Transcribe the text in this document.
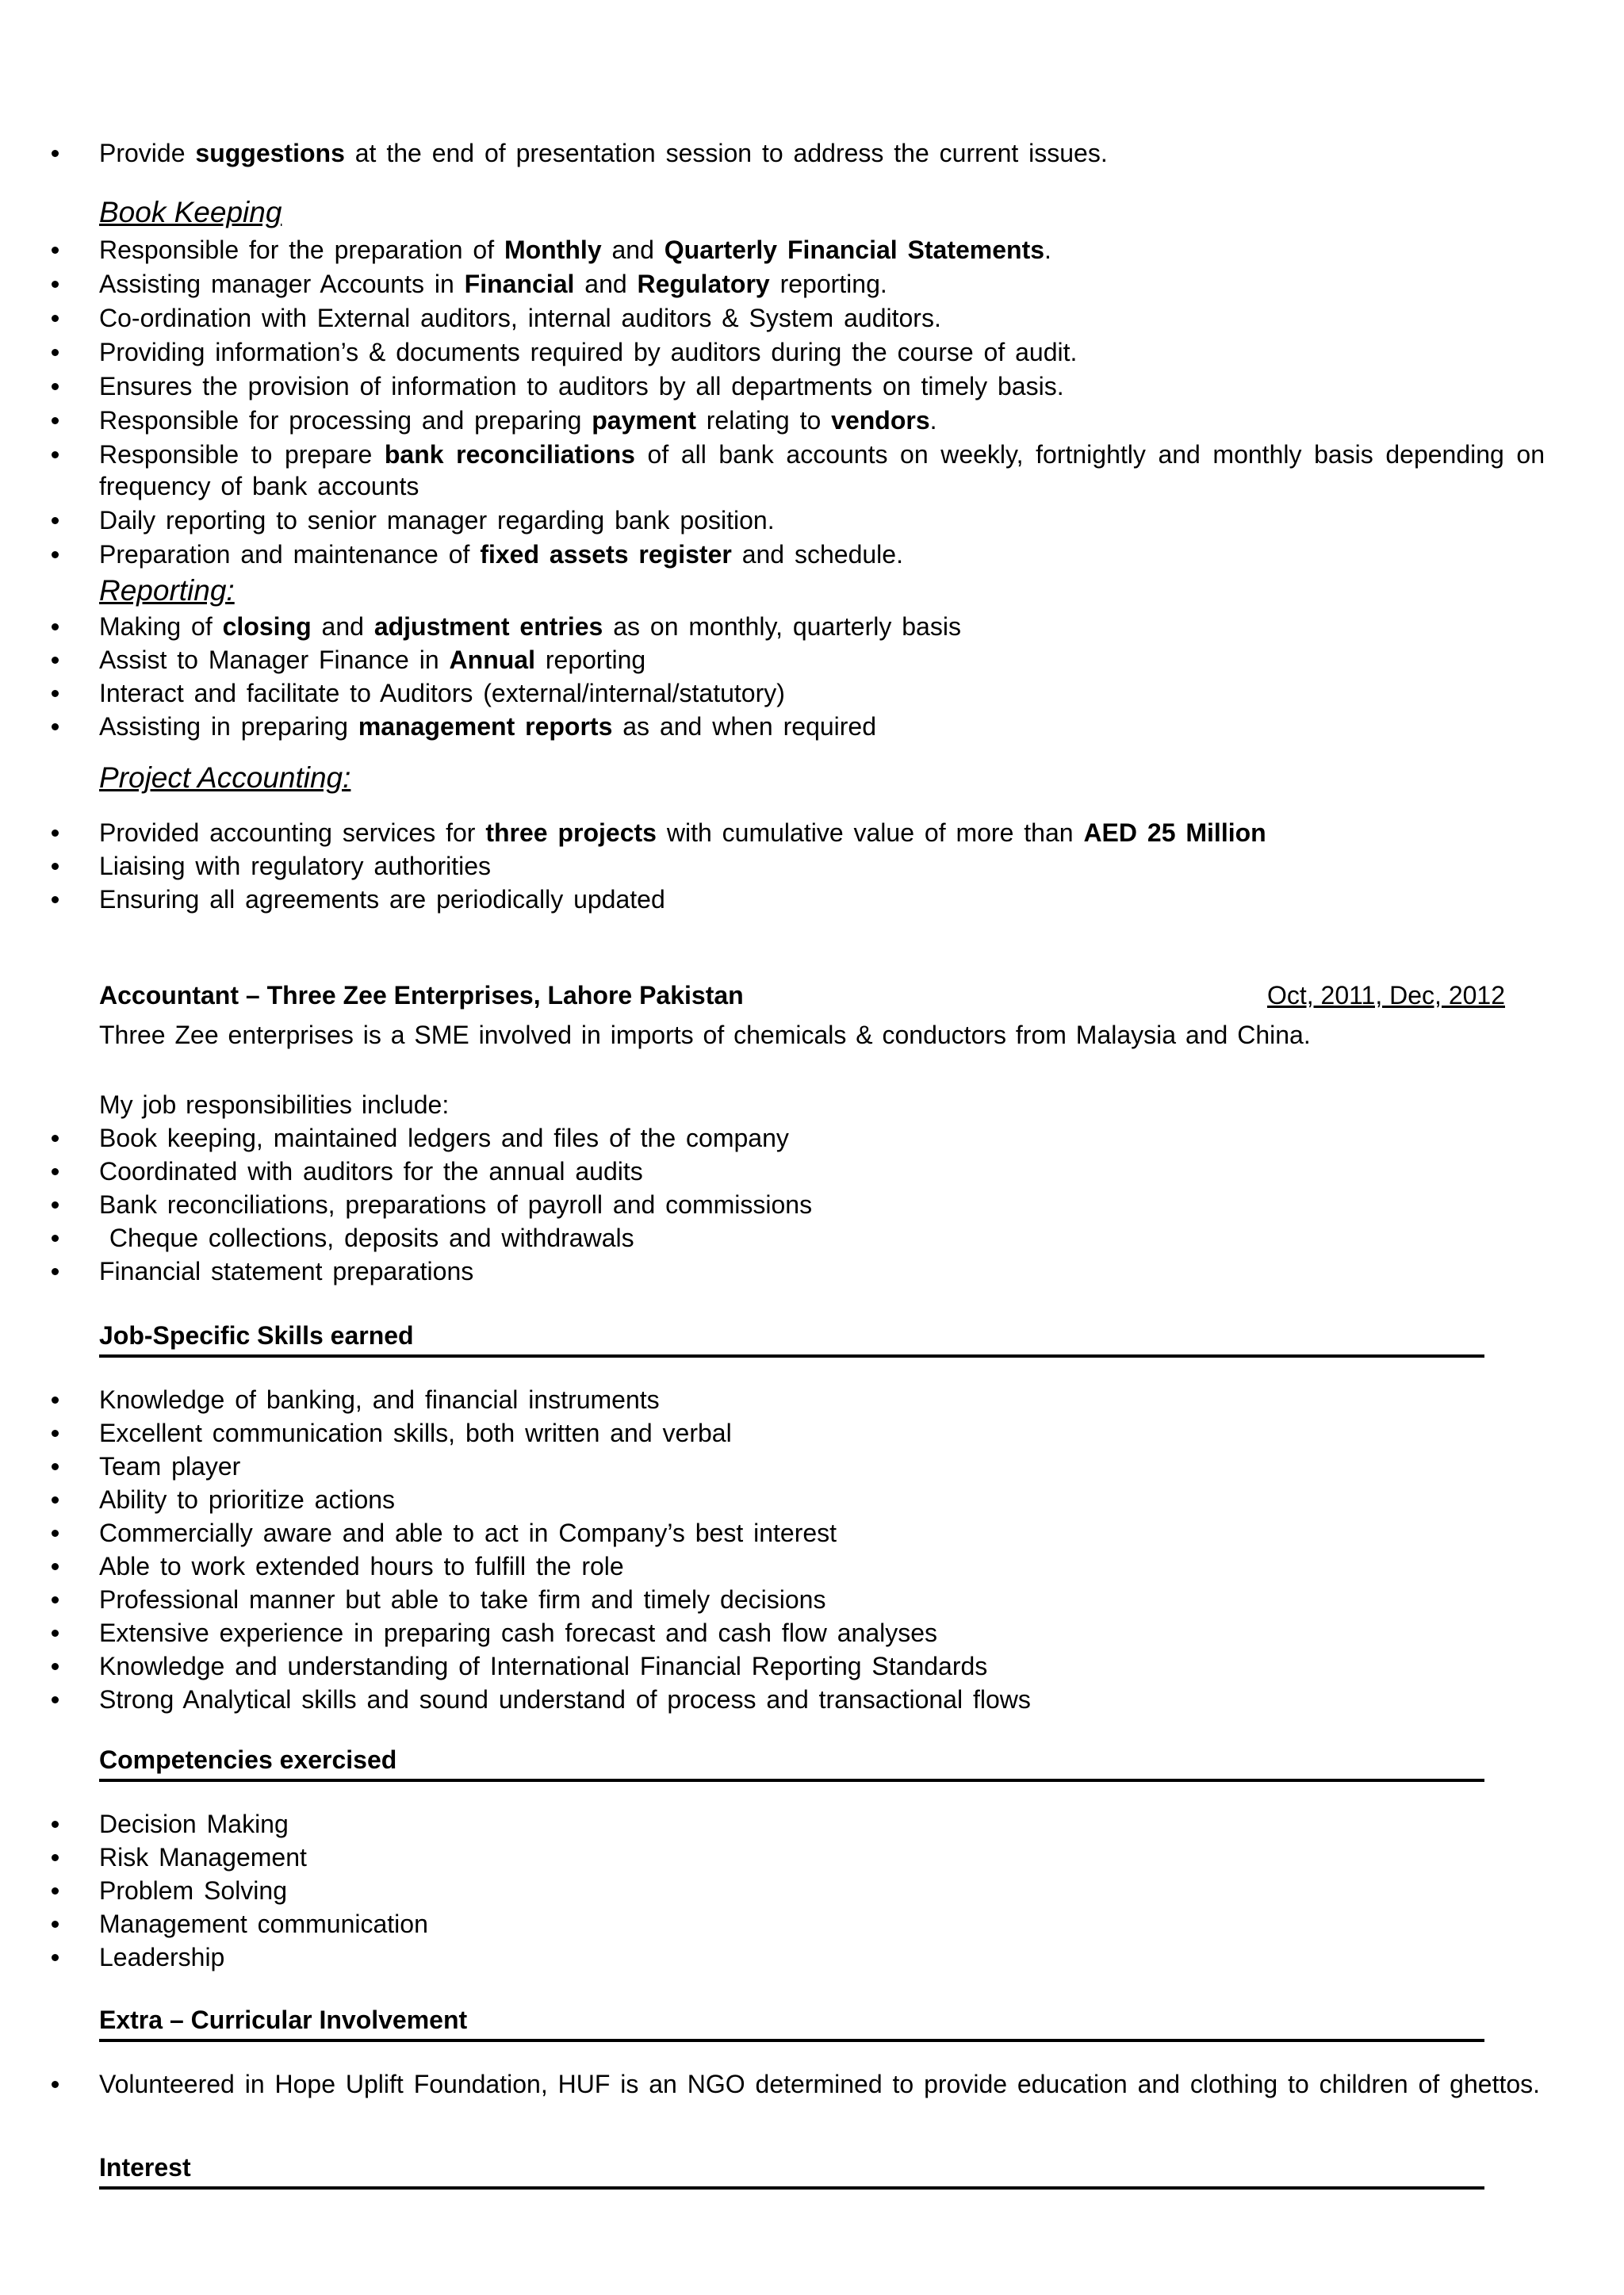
Provide suggestions at the end of presentation session to address the current issues.
Book Keeping
Responsible for the preparation of Monthly and Quarterly Financial Statements.
Assisting manager Accounts in Financial and Regulatory reporting.
Co-ordination with External auditors, internal auditors & System auditors.
Providing information’s & documents required by auditors during the course of audit.
Ensures the provision of information to auditors by all departments on timely basis.
Responsible for processing and preparing payment relating to vendors.
Responsible to prepare bank reconciliations of all bank accounts on weekly, fortnightly and monthly basis depending on frequency of bank accounts
Daily reporting to senior manager regarding bank position.
Preparation and maintenance of fixed assets register and schedule.
Reporting:
Making of closing and adjustment entries as on monthly, quarterly basis
Assist to Manager Finance in Annual reporting
Interact and facilitate to Auditors (external/internal/statutory)
Assisting in preparing management reports as and when required
Project Accounting:
Provided accounting services for three projects with cumulative value of more than AED 25 Million
Liaising with regulatory authorities
Ensuring all agreements are periodically updated
Accountant – Three Zee Enterprises, Lahore Pakistan	Oct, 2011, Dec, 2012

Three Zee enterprises is a SME involved in imports of chemicals & conductors from Malaysia and China.

My job responsibilities include:

Book keeping, maintained ledgers and files of the company
Coordinated with auditors for the annual audits
Bank reconciliations, preparations of payroll and commissions
Cheque collections, deposits and withdrawals
Financial statement preparations
Job-Specific Skills earned
Knowledge of banking, and financial instruments
Excellent communication skills, both written and verbal
Team player
Ability to prioritize actions
Commercially aware and able to act in Company’s best interest
Able to work extended hours to fulfill the role
Professional manner but able to take firm and timely decisions
Extensive experience in preparing cash forecast and cash flow analyses
Knowledge and understanding of International Financial Reporting Standards
Strong Analytical skills and sound understand of process and transactional flows
Competencies exercised
Decision Making
Risk Management
Problem Solving
Management communication
Leadership
Extra – Curricular Involvement
Volunteered in Hope Uplift Foundation, HUF is an NGO determined to provide education and clothing to children of ghettos.
Interest
